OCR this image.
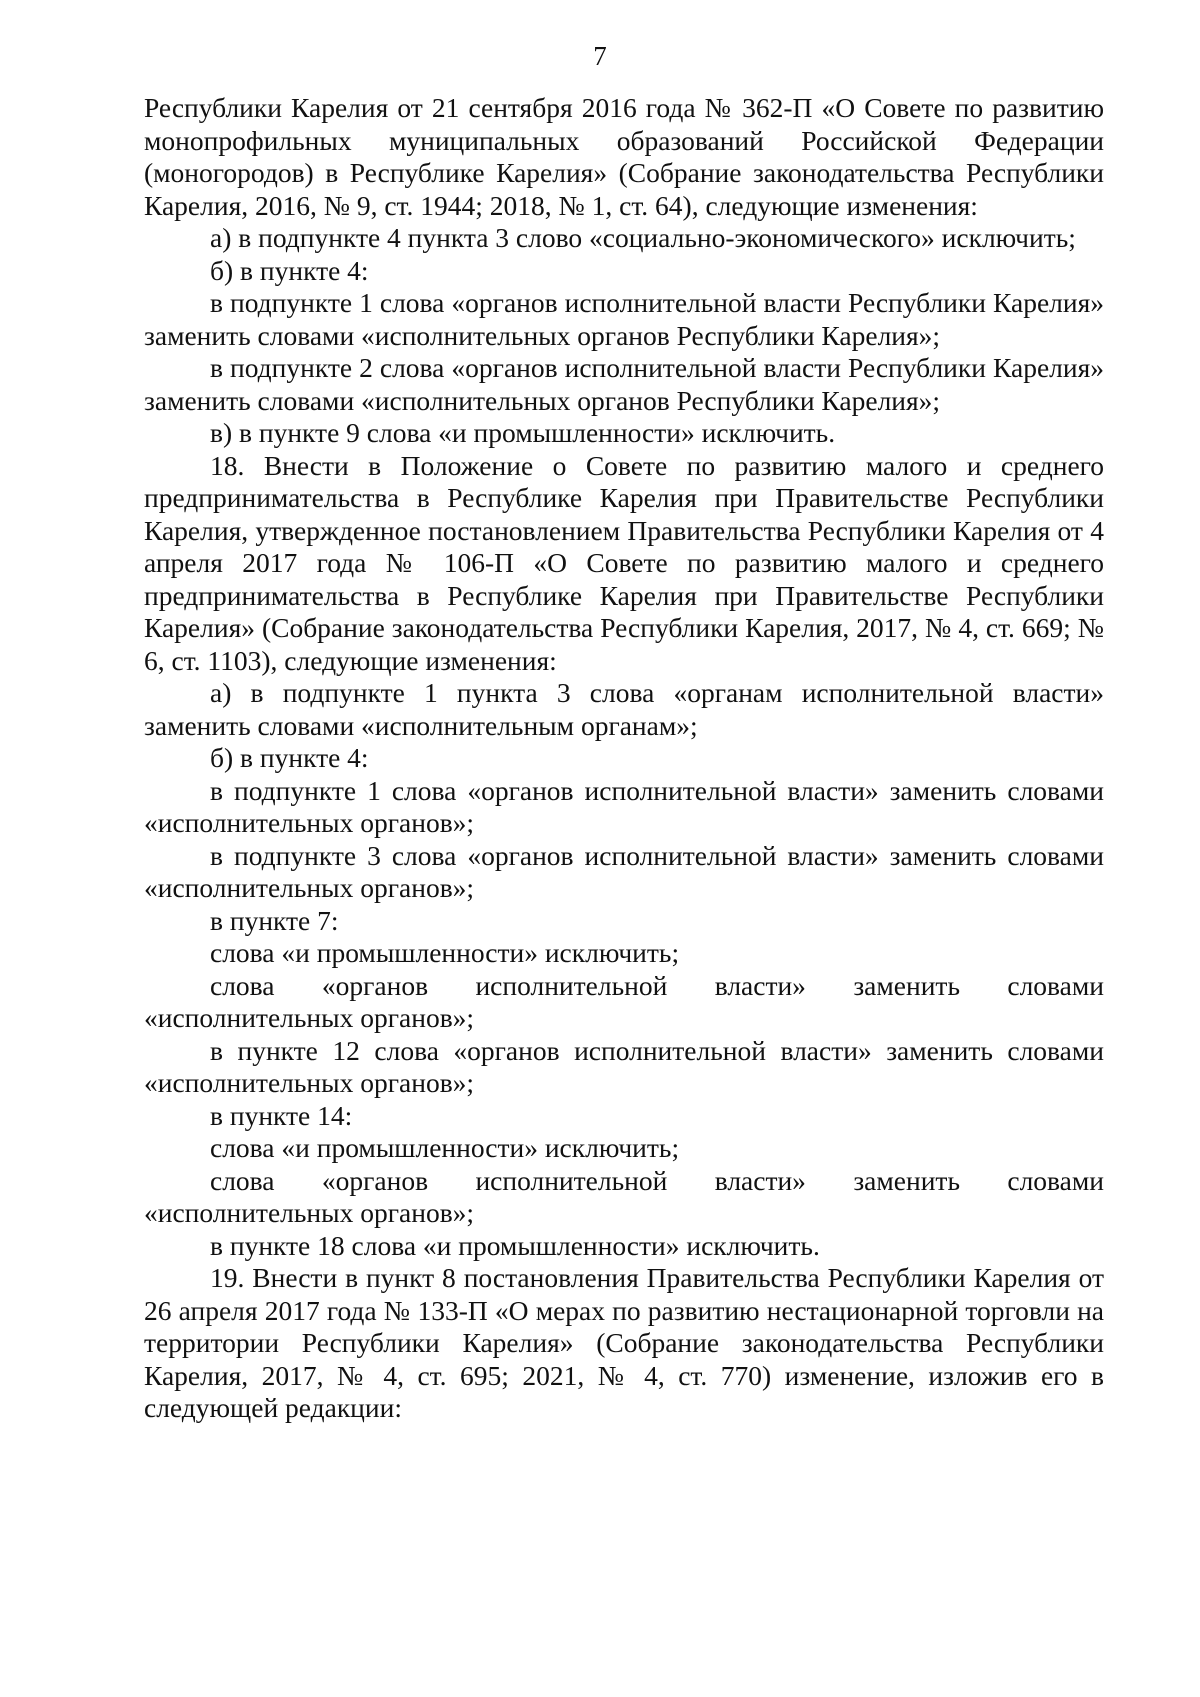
7

Республики Карелия от 21 сентября 2016 года № 362-П «О Совете по развитию монопрофильных муниципальных образований Российской Федерации (моногородов) в Республике Карелия» (Собрание законодательства Республики Карелия, 2016, № 9, ст. 1944; 2018, № 1, ст. 64), следующие изменения:

а) в подпункте 4 пункта 3 слово «социально-экономического» исключить;

б) в пункте 4:

в подпункте 1 слова «органов исполнительной власти Республики Карелия» заменить словами «исполнительных органов Республики Карелия»;

в подпункте 2 слова «органов исполнительной власти Республики Карелия» заменить словами «исполнительных органов Республики Карелия»;

в) в пункте 9 слова «и промышленности» исключить.

18. Внести в Положение о Совете по развитию малого и среднего предпринимательства в Республике Карелия при Правительстве Республики Карелия, утвержденное постановлением Правительства Республики Карелия от 4 апреля 2017 года № 106-П «О Совете по развитию малого и среднего предпринимательства в Республике Карелия при Правительстве Республики Карелия» (Собрание законодательства Республики Карелия, 2017, № 4, ст. 669; № 6, ст. 1103), следующие изменения:

а) в подпункте 1 пункта 3 слова «органам исполнительной власти» заменить словами «исполнительным органам»;

б) в пункте 4:

в подпункте 1 слова «органов исполнительной власти» заменить словами «исполнительных органов»;

в подпункте 3 слова «органов исполнительной власти» заменить словами «исполнительных органов»;

в пункте 7:

слова «и промышленности» исключить;

слова «органов исполнительной власти» заменить словами «исполнительных органов»;

в пункте 12 слова «органов исполнительной власти» заменить словами «исполнительных органов»;

в пункте 14:

слова «и промышленности» исключить;

слова «органов исполнительной власти» заменить словами «исполнительных органов»;

в пункте 18 слова «и промышленности» исключить.

19. Внести в пункт 8 постановления Правительства Республики Карелия от 26 апреля 2017 года № 133-П «О мерах по развитию нестационарной торговли на территории Республики Карелия» (Собрание законодательства Республики Карелия, 2017, № 4, ст. 695; 2021, № 4, ст. 770) изменение, изложив его в следующей редакции:
